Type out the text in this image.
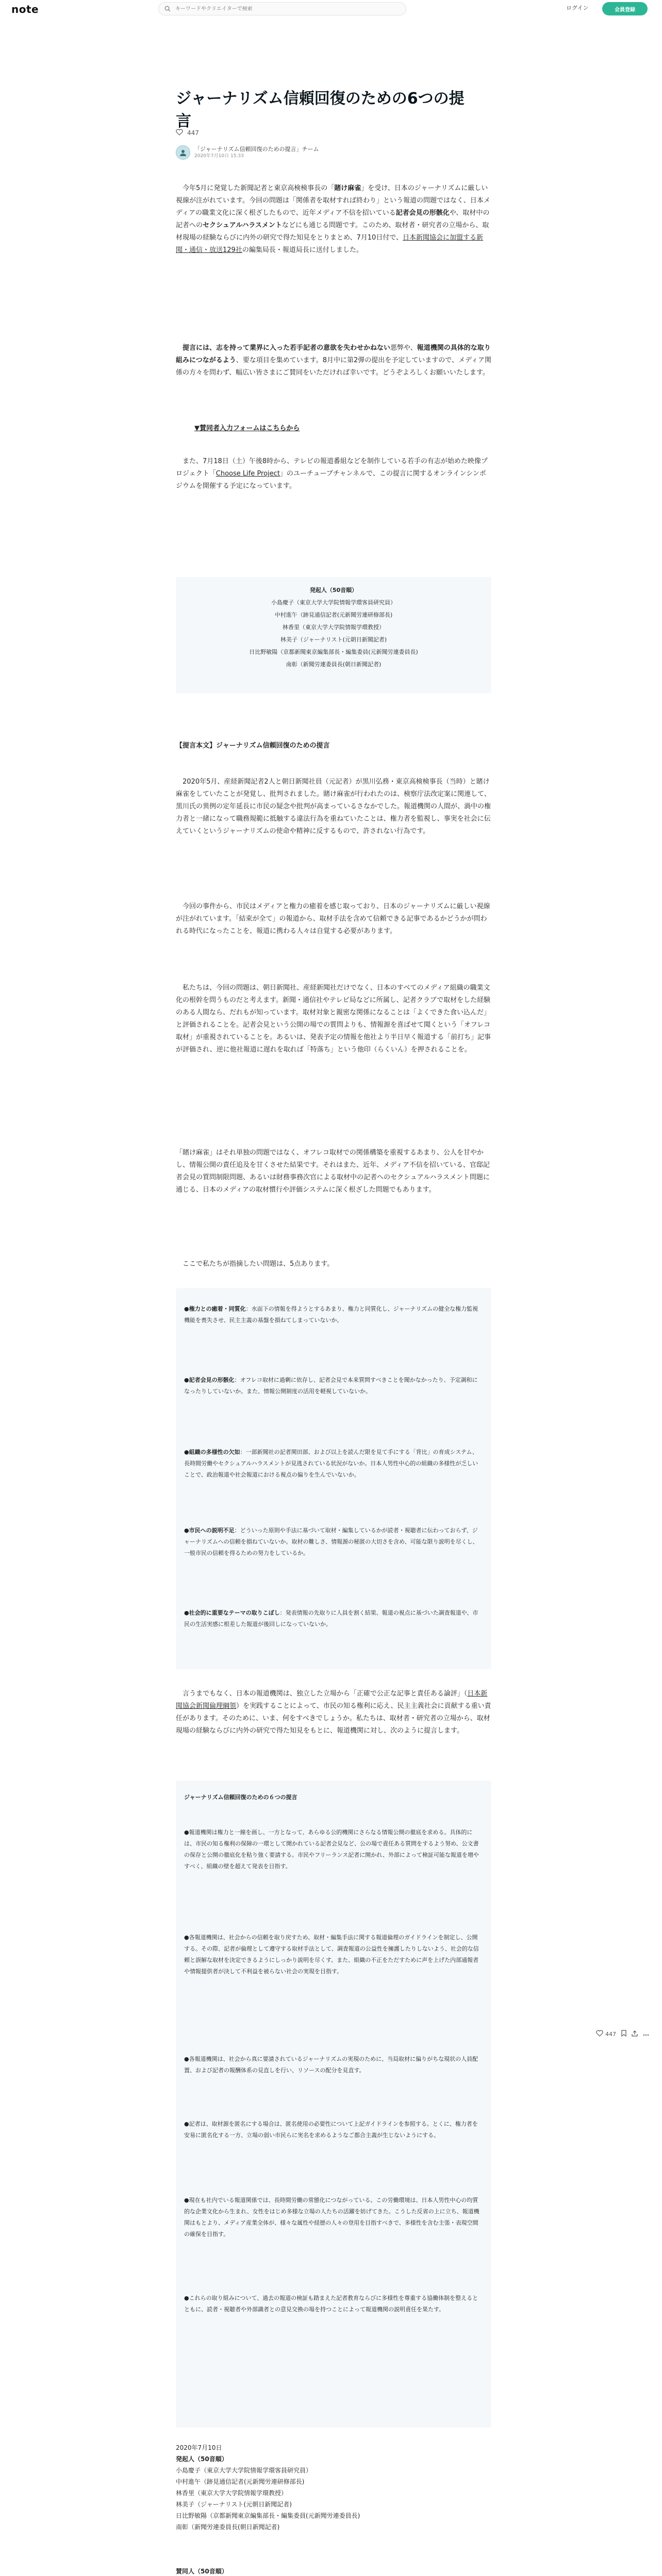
note
キーワードやクリエイターで検索	ログイン	会員登録
ジャーナリズム信頼回復のための6つの提
言
447
「ジャーナリズム信頼回復のための提言」チーム
2020年7月10日 15:33
今年5月に発覚した新聞記者と東京高検検事長の「賭け麻雀」を受け、日本のジャーナリズムに厳しい視線が注がれています。今回の問題は「関係者を取材すれば終わり」という報道の問題ではなく、日本メディアの職業文化に深く根ざしたもので、近年メディア不信を招いている記者会見の形骸化や、取材中の記者へのセクシュアルハラスメントなどにも通じる問題です。このため、取材者・研究者の立場から、取材現場の経験ならびに内外の研究で得た知見をとりまとめ、7月10日付で、日本新聞協会に加盟する新聞・通信・放送129社の編集局長・報道局長に送付しました。
提言には、志を持って業界に入った若手記者の意欲を失わせかねない悪弊や、報道機関の具体的な取り組みにつながるよう、要な項目を集めています。8月中に第2弾の提出を予定していますので、メディア関係の方々を問わず、幅広い皆さまにご賛同をいただければ幸いです。どうぞよろしくお願いいたします。
▼賛同者入力フォームはこちらから
また、7月18日（土）午後8時から、テレビの報道番組などを制作している若手の有志が始めた映像プロジェクト「Choose Life Project」のユーチューブチャンネルで、この提言に関するオンラインシンポジウムを開催する予定になっています。
発起人（50音順）
小島慶子（東京大学大学院情報学環客員研究員）
中村進午（跡見通信記者(元新聞労連研修部長)
林香里（東京大学大学院情報学環教授）
林美子（ジャーナリスト(元朝日新聞記者)
日比野敏陽（京都新聞東京編集部長・編集委員(元新聞労連委員長)
南彰（新聞労連委員長(朝日新聞記者)
【提言本文】ジャーナリズム信頼回復のための提言
2020年5月、産経新聞記者2人と朝日新聞社員（元記者）が黒川弘務・東京高検検事長（当時）と賭け麻雀をしていたことが発覚し、批判されました。賭け麻雀が行われたのは、検察庁法改定案に関連して、黒川氏の異例の定年延長に市民の疑念や批判が高まっているさなかでした。報道機関の人間が、渦中の権力者と一緒になって職務規範に抵触する違法行為を重ねていたことは、権力者を監視し、事実を社会に伝えていくというジャーナリズムの使命や精神に反するもので、許されない行為です。
今回の事件から、市民はメディアと権力の癒着を感じ取っており、日本のジャーナリズムに厳しい視線が注がれています。「結束が全て」の報道から、取材手法を含めて信頼できる記事であるかどうかが問われる時代になったことを、報道に携わる人々は自覚する必要があります。
私たちは、今回の問題は、朝日新聞社、産経新聞社だけでなく、日本のすべてのメディア組織の職業文化の根幹を問うものだと考えます。新聞・通信社やテレビ局などに所属し、記者クラブで取材をした経験のある人間なら、だれもが知っています。取材対象と親密な関係になることは「よくできた食い込んだ」と評価されることを。記者会見という公開の場での質問よりも、情報源を喜ばせて聞くという「オフレコ取材」が重視されていることを。あるいは、発表予定の情報を他社より半日早く報道する「前打ち」記事が評価され、逆に他社報道に遅れを取れば「特落ち」という他印（らくいん）を押されることを。
「賭け麻雀」はそれ単独の問題ではなく、オフレコ取材での関係構築を重視するあまり、公人を甘やかし、情報公開の責任追及を甘くさせた結果です。それはまた、近年、メディア不信を招いている、官邸記者会見の質問制限問題、あるいは財務事務次官による取材中の記者へのセクシュアルハラスメント問題に通じる、日本のメディアの取材慣行や評価システムに深く根ざした問題でもあります。
ここで私たちが指摘したい問題は、5点あります。
●権力との癒着・同質化：水面下の情報を得ようとするあまり、権力と同質化し、ジャーナリズムの健全な権力監視機能を喪失させ、民主主義の基盤を損ねてしまっていないか。
●記者会見の形骸化：オフレコ取材に過剰に依存し、記者会見で本来質問すべきことを聞かなかったり、予定調和になったりしていないか。また、情報公開制度の活用を軽視していないか。
●組織の多様性の欠如：一部新聞社の記者関田部、および以上を読んだ限を見て手にする「背比」の育成システム、長時間労働やセクシュアルハラスメントが見逃されている状況がないか。日本人男性中心的の組織の多様性が乏しいことで、政治報道や社会報道における視点の偏りを生んでいないか。
●市民への説明不足：どういった原則や手法に基づいて取材・編集しているかが読者・視聴者に伝わっておらず、ジャーナリズムへの信頼を損ねていないか。取材の難しさ、情報源の秘匿の大切さを含め、可能な限り説明を尽くし、一般市民の信頼を得るための努力をしているか。
●社会的に重要なテーマの取りこぼし：発表情報の先取りに人員を割く結果、報道の視点に基づいた調査報道や、市民の生活実感に根差した報道が後回しになっていないか。
言うまでもなく、日本の報道機関は、独立した立場から「正確で公正な記事と責任ある論評」（日本新聞協会新聞倫理綱領）を実践することによって、市民の知る権利に応え、民主主義社会に貢献する重い責任があります。そのために、いま、何をすべきでしょうか。私たちは、取材者・研究者の立場から、取材現場の経験ならびに内外の研究で得た知見をもとに、報道機関に対し、次のように提言します。
ジャーナリズム信頼回復のための６つの提言
●報道機関は権力と一線を画し、一方となって、あらゆる公的機関にさらなる情報公開の徹底を求める。具体的には、市民の知る権利の保障の一環として開かれている記者会見など、公の場で責任ある質問をするよう努め、公文書の保存と公開の徹底化を粘り強く要請する。市民やフリーランス記者に開かれ、外部によって検証可能な報道を増やすべく、組織の壁を超えて発表を目指す。
●各報道機関は、社会からの信頼を取り戻すため、取材・編集手法に関する報道倫理のガイドラインを制定し、公開する。その際、記者が倫理として遵守する取材手法として、調査報道の公益性を擁護したりしないよう、社会的な信頼と誤解な取材を決定できるようにしっかり説明を尽くす。また、組織の不正をただすために声を上げた内部通報者や情報提供者が決して不利益を被らない社会の実現を目指す。
●各報道機関は、社会から真に要請されているジャーナリズムの実現のために、当局取材に偏りがちな現状の人員配置、および記者の報酬体系の見直しを行い、リソースの配分を見直す。
●記者は、取材源を匿名にする場合は、匿名使用の必要性について上記ガイドラインを参照する。とくに、権力者を安易に匿名化する一方、立場の弱い市民らに実名を求めるようなご都合主義が生じないようにする。
●現在も社内でいる報道関係では、長時間労働の常態化につながっている。この労働環境は、日本人男性中心の均質的な企業文化から生まれ、女性をはじめ多様な立場の人たちの活躍を妨げてきた。こうした反省の上に立ち、報道機関はもとより、メディア産業全体が、様々な属性や経歴の人々の登用を目指すべきで、多様性を含む主張・表現空間の確保を目指す。
●これらの取り組みについて、過去の報道の検証も踏まえた記者教育ならびに多様性を尊重する協働体制を整えるとともに、読者・視聴者や外部識者との意見交換の場を持つことによって報道機関の説明責任を果たす。
2020年7月10日
発起人（50音順）
小島慶子（東京大学大学院情報学環客員研究員）
中村進午（跡見通信記者(元新聞労連研修部長)
林香里（東京大学大学院情報学環教授）
林美子（ジャーナリスト(元朝日新聞記者)
日比野敏陽（京都新聞東京編集部長・編集委員(元新聞労連委員長)
南彰（新聞労連委員長(朝日新聞記者)
賛同人（50音順）
447
